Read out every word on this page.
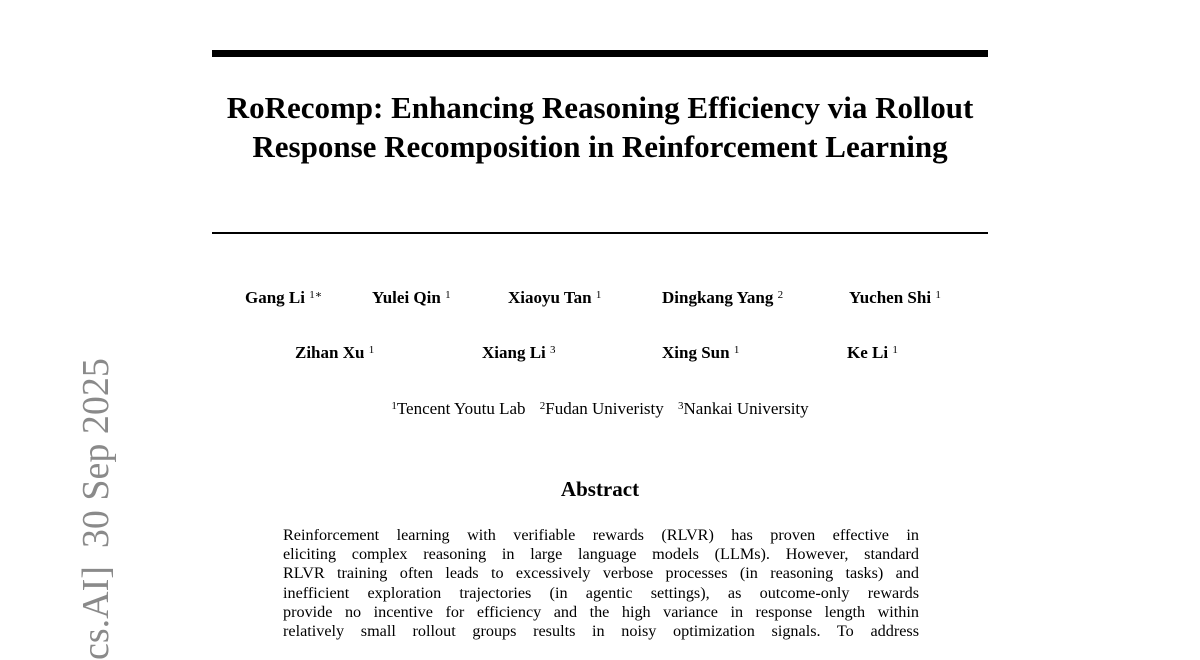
cs.AI]30 Sep 2025
RoRecomp: Enhancing Reasoning Efficiency via Rollout Response Recomposition in Reinforcement Learning
Gang Li $^{1∗}$	Yulei Qin $^1$	Xiaoyu Tan $^1$	Dingkang Yang $^2$	Yuchen Shi $^1$
Zihan Xu $^1$	Xiang Li $^3$	Xing Sun $^1$	Ke Li $^1$
$^1$Tencent Youtu Lab $^2$Fudan Univeristy $^3$Nankai University
Abstract
Reinforcement learning with verifiable rewards (RLVR) has proven effective in
eliciting complex reasoning in large language models (LLMs). However, standard
RLVR training often leads to excessively verbose processes (in reasoning tasks) and
inefficient exploration trajectories (in agentic settings), as outcome-only rewards
provide no incentive for efficiency and the high variance in response length within
relatively small rollout groups results in noisy optimization signals. To address
